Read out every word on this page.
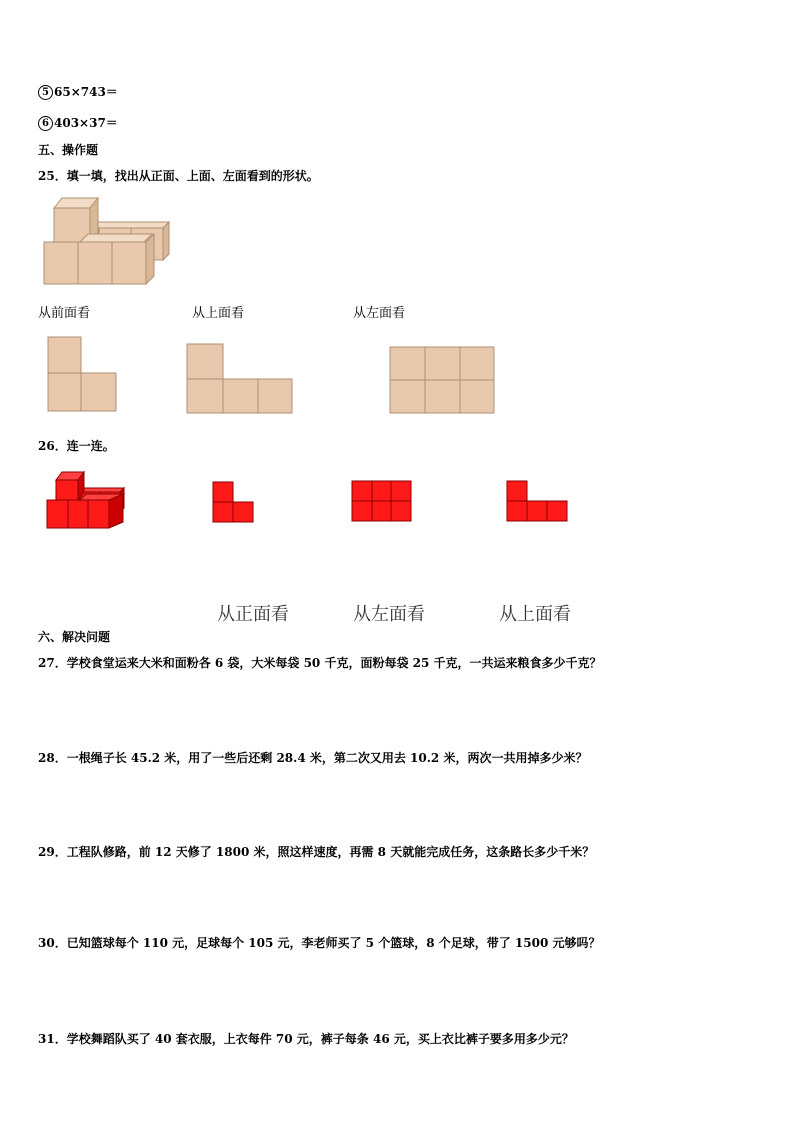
5 65×743＝
6 403×37＝
五、操作题
25．填一填，找出从正面、上面、左面看到的形状。
从前面看	从上面看	从左面看
26．连一连。
从正面看	从左面看	从上面看
六、解决问题
27．学校食堂运来大米和面粉各 6 袋，大米每袋 50 千克，面粉每袋 25 千克，一共运来粮食多少千克？
28．一根绳子长 45.2 米，用了一些后还剩 28.4 米，第二次又用去 10.2 米，两次一共用掉多少米？
29．工程队修路，前 12 天修了 1800 米，照这样速度，再需 8 天就能完成任务，这条路长多少千米？
30．已知篮球每个 110 元，足球每个 105 元，李老师买了 5 个篮球，8 个足球，带了 1500 元够吗？
31．学校舞蹈队买了 40 套衣服，上衣每件 70 元，裤子每条 46 元，买上衣比裤子要多用多少元？
